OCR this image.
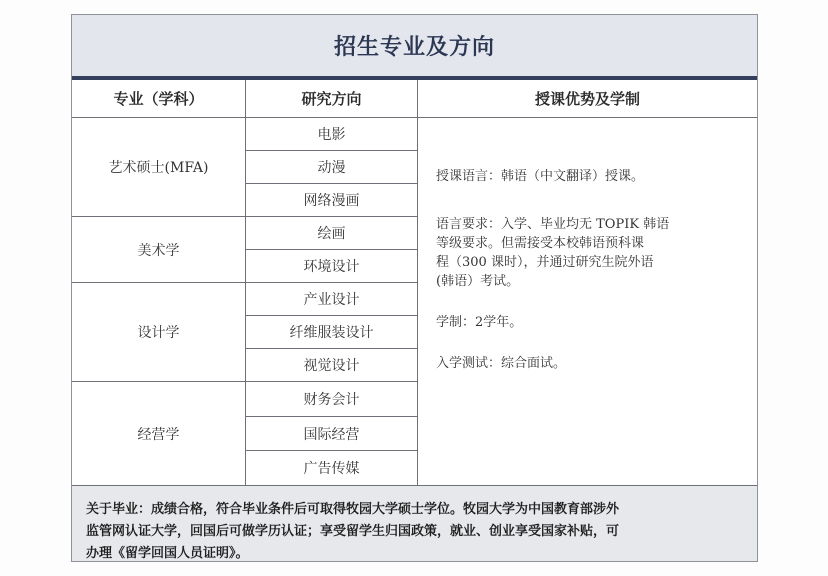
招生专业及方向
专业（学科）	研究方向	授课优势及学制
艺术硕士(MFA)
美术学
设计学
经营学
电影
动漫
网络漫画
绘画
环境设计
产业设计
纤维服装设计
视觉设计
财务会计
国际经营
广告传媒

授课语言：韩语（中文翻译）授课。

语言要求：入学、毕业均无 TOPIK 韩语

等级要求。但需接受本校韩语预科课

程（300 课时），并通过研究生院外语

(韩语）考试。

学制：2学年。

入学测试：综合面试。

关于毕业：成绩合格，符合毕业条件后可取得牧园大学硕士学位。牧园大学为中国教育部涉外
监管网认证大学，回国后可做学历认证；享受留学生归国政策，就业、创业享受国家补贴，可
办理《留学回国人员证明》。
